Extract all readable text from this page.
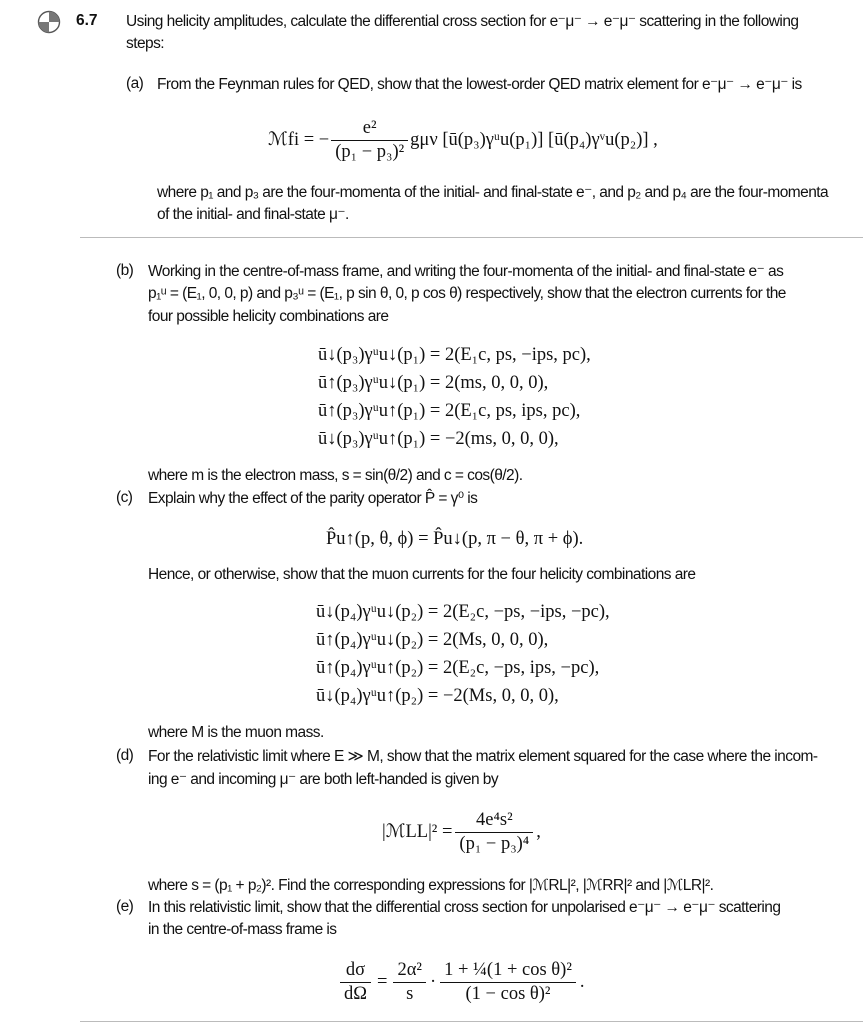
6.7 Using helicity amplitudes, calculate the differential cross section for e⁻μ⁻ → e⁻μ⁻ scattering in the following
steps:
(a) From the Feynman rules for QED, show that the lowest-order QED matrix element for e⁻μ⁻ → e⁻μ⁻ is
ℳfi = − $\frac{\text{e²}}{\text{(p₁ − p₃)²}}$ gμν [ū(p₃)γᵘu(p₁)] [ū(p₄)γᵛu(p₂)] ,
where p₁ and p₃ are the four-momenta of the initial- and final-state e⁻, and p₂ and p₄ are the four-momenta
of the initial- and final-state μ⁻.
(b) Working in the centre-of-mass frame, and writing the four-momenta of the initial- and final-state e⁻ as
p₁ᵘ = (E₁, 0, 0, p) and p₃ᵘ = (E₁, p sin θ, 0, p cos θ) respectively, show that the electron currents for the
four possible helicity combinations are
ū↓(p₃)γᵘu↓(p₁) = 2(E₁c, ps, −ips, pc),
ū↑(p₃)γᵘu↓(p₁) = 2(ms, 0, 0, 0),
ū↑(p₃)γᵘu↑(p₁) = 2(E₁c, ps, ips, pc),
ū↓(p₃)γᵘu↑(p₁) = −2(ms, 0, 0, 0),
where m is the electron mass, s = sin(θ/2) and c = cos(θ/2).
(c) Explain why the effect of the parity operator P̂ = γ⁰ is
P̂u↑(p, θ, ϕ) = P̂u↓(p, π − θ, π + ϕ).
Hence, or otherwise, show that the muon currents for the four helicity combinations are
ū↓(p₄)γᵘu↓(p₂) = 2(E₂c, −ps, −ips, −pc),
ū↑(p₄)γᵘu↓(p₂) = 2(Ms, 0, 0, 0),
ū↑(p₄)γᵘu↑(p₂) = 2(E₂c, −ps, ips, −pc),
ū↓(p₄)γᵘu↑(p₂) = −2(Ms, 0, 0, 0),
where M is the muon mass.
(d) For the relativistic limit where E ≫ M, show that the matrix element squared for the case where the incom-
ing e⁻ and incoming μ⁻ are both left-handed is given by
|ℳLL|² = $\frac{\text{4e⁴s²}}{\text{(p₁ − p₃)⁴}}$ ,
where s = (p₁ + p₂)². Find the corresponding expressions for |ℳRL|², |ℳRR|² and |ℳLR|².
(e) In this relativistic limit, show that the differential cross section for unpolarised e⁻μ⁻ → e⁻μ⁻ scattering
in the centre-of-mass frame is
$\frac{d\sigma}{d\Omega} = \frac{\text{2α²}}{s} \cdot \frac{\text{1 + ¼(1 + cos θ)²}}{\text{(1 − cos θ)²}}$ .
